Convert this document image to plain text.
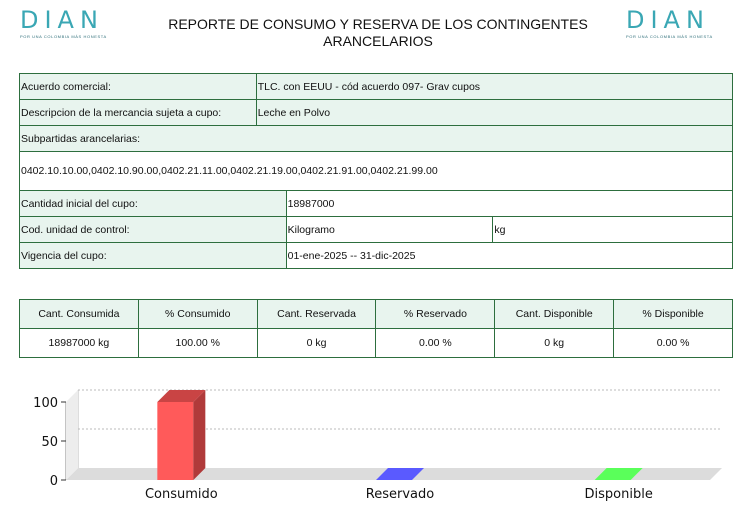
DIAN
POR UNA COLOMBIA MÁS HONESTA
DIAN
POR UNA COLOMBIA MÁS HONESTA
REPORTE DE CONSUMO Y RESERVA DE LOS CONTINGENTES
ARANCELARIOS
Acuerdo comercial:	TLC. con EEUU - cód acuerdo 097- Grav cupos		
Descripcion de la mercancia sujeta a cupo:	Leche en Polvo		
Subpartidas arancelarias:			
0402.10.10.00,0402.10.90.00,0402.21.11.00,0402.21.19.00,0402.21.91.00,0402.21.99.00			
Cantidad inicial del cupo:		18987000	
Cod. unidad de control:		Kilogramo	kg
Vigencia del cupo:		01-ene-2025 -- 31-dic-2025	
Cant. Consumida	% Consumido	Cant. Reservada	% Reservado	Cant. Disponible	% Disponible
18987000 kg	100.00 %	0 kg	0.00 %	0 kg	0.00 %
0
50
100
Consumido	Reservado	Disponible
